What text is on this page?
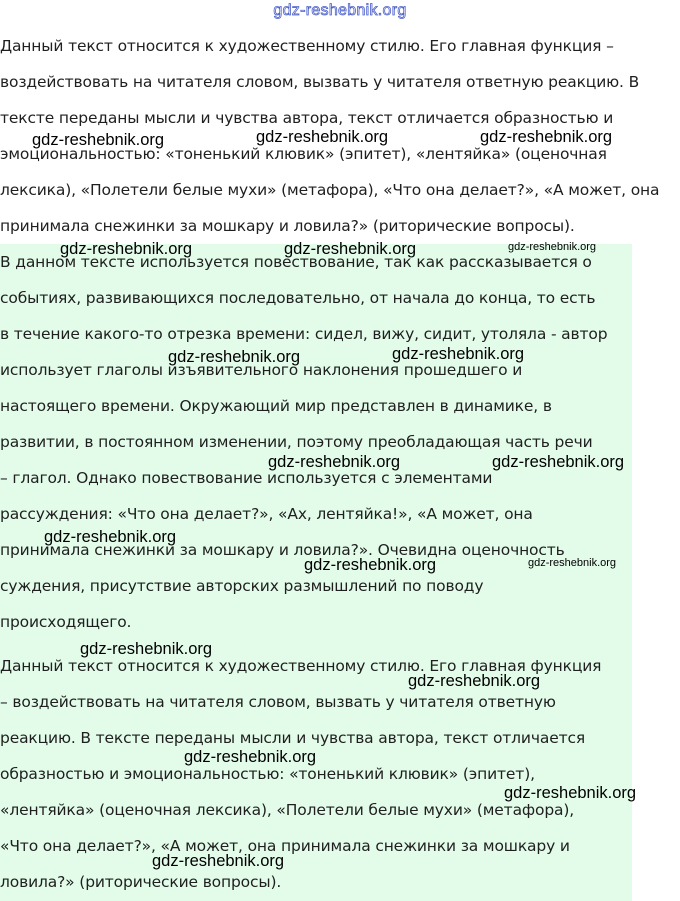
gdz-reshebnik.org
Данный текст относится к художественному стилю. Его главная функция –
воздействовать на читателя словом, вызвать у читателя ответную реакцию. В
тексте переданы мысли и чувства автора, текст отличается образностью и
эмоциональностью: «тоненький клювик» (эпитет), «лентяйка» (оценочная
лексика), «Полетели белые мухи» (метафора), «Что она делает?», «А может, она
принимала снежинки за мошкару и ловила?» (риторические вопросы).
В данном тексте используется повествование, так как рассказывается о
событиях, развивающихся последовательно, от начала до конца, то есть
в течение какого-то отрезка времени: сидел, вижу, сидит, утоляла - автор
использует глаголы изъявительного наклонения прошедшего и
настоящего времени. Окружающий мир представлен в динамике, в
развитии, в постоянном изменении, поэтому преобладающая часть речи
– глагол. Однако повествование используется с элементами
рассуждения: «Что она делает?», «Ах, лентяйка!», «А может, она
принимала снежинки за мошкару и ловила?». Очевидна оценочность
суждения, присутствие авторских размышлений по поводу
происходящего.
Данный текст относится к художественному стилю. Его главная функция
– воздействовать на читателя словом, вызвать у читателя ответную
реакцию. В тексте переданы мысли и чувства автора, текст отличается
образностью и эмоциональностью: «тоненький клювик» (эпитет),
«лентяйка» (оценочная лексика), «Полетели белые мухи» (метафора),
«Что она делает?», «А может, она принимала снежинки за мошкару и
ловила?» (риторические вопросы).
gdz-reshebnik.org	gdz-reshebnik.org	gdz-reshebnik.org
gdz-reshebnik.org	gdz-reshebnik.org	gdz-reshebnik.org
gdz-reshebnik.org	gdz-reshebnik.org
gdz-reshebnik.org	gdz-reshebnik.org
gdz-reshebnik.org
gdz-reshebnik.org	gdz-reshebnik.org
gdz-reshebnik.org
gdz-reshebnik.org
gdz-reshebnik.org
gdz-reshebnik.org
gdz-reshebnik.org
